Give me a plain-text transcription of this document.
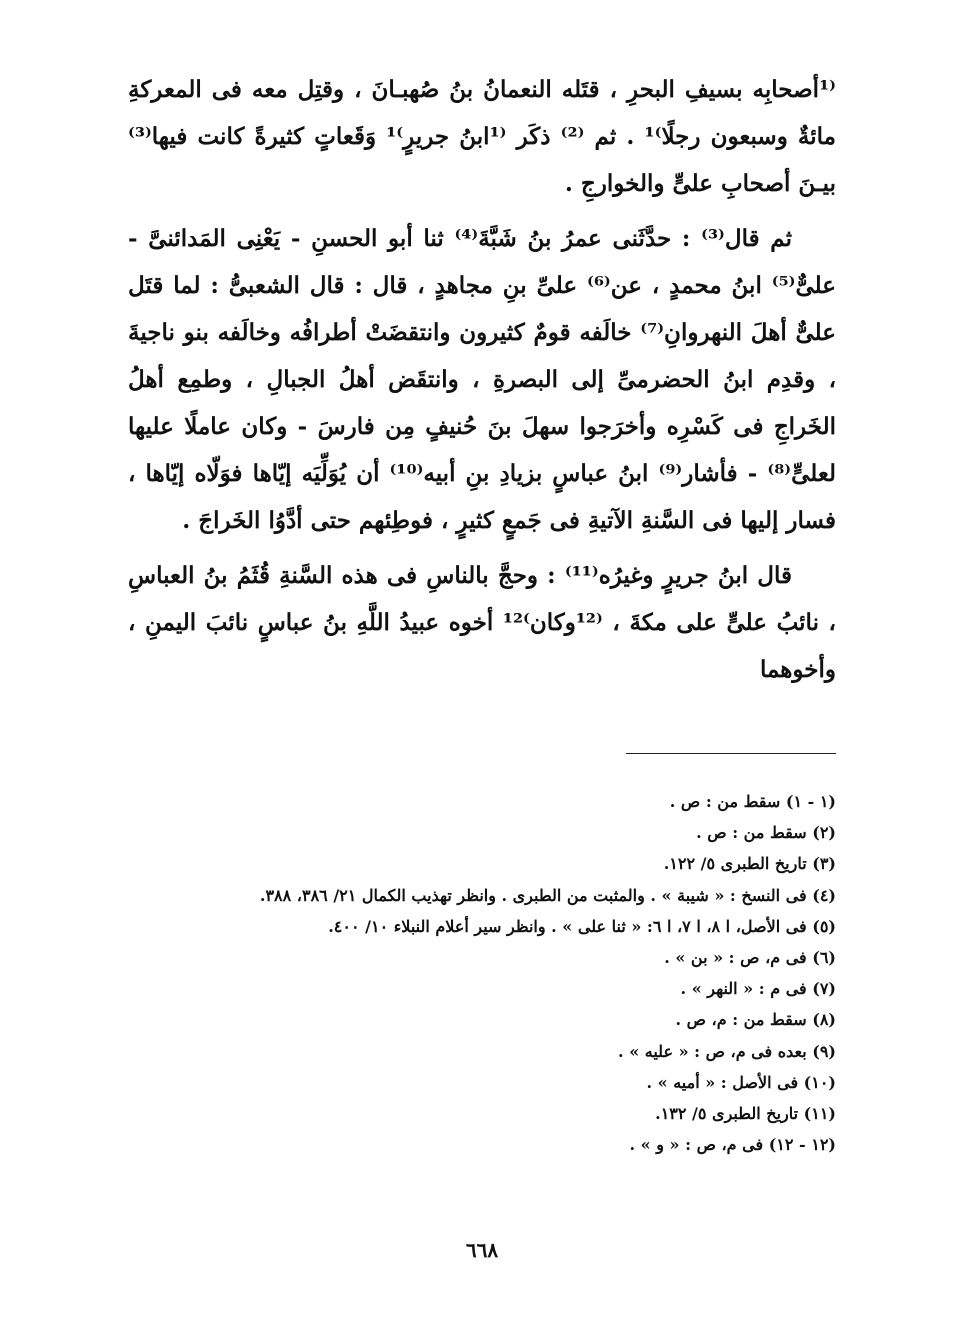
⁽¹أصحابِه بسيفِ البحرِ ، قتَله النعمانُ بنُ صُهبـانَ ، وقتِل معه فى المعركةِ مائةٌ وسبعون رجلًا⁾¹ . ثم ⁽²⁾ ذكَر ⁽¹ابنُ جريرٍ⁾¹ وَقَعاتٍ كثيرةً كانت فيها⁽³⁾ بيـنَ أصحابِ علىٍّ والخوارجِ .

ثم قال⁽³⁾ : حدَّثَنى عمرُ بنُ شَبَّةَ⁽⁴⁾ ثنا أبو الحسنِ - يَعْنِى المَدائنىَّ - علىٌّ⁽⁵⁾ ابنُ محمدٍ ، عن⁽⁶⁾ علىِّ بنِ مجاهدٍ ، قال : قال الشعبىُّ : لما قتَل علىٌّ أهلَ النهروانِ⁽⁷⁾ خالَفه قومٌ كثيرون وانتقضَتْ أطرافُه وخالَفه بنو ناجيةَ ، وقدِم ابنُ الحضرمىِّ إلى البصرةِ ، وانتقَض أهلُ الجبالِ ، وطمِع أهلُ الخَراجِ فى كَسْرِه وأخرَجوا سهلَ بنَ حُنيفٍ مِن فارسَ - وكان عاملًا عليها لعلىٍّ⁽⁸⁾ - فأشار⁽⁹⁾ ابنُ عباسٍ بزيادِ بنِ أبيه⁽¹⁰⁾ أن يُوَلِّيَه إيّاها فوَلّاه إيّاها ، فسار إليها فى السَّنةِ الآتيةِ فى جَمعٍ كثيرٍ ، فوطِئهم حتى أدَّوُا الخَراجَ .

قال ابنُ جريرٍ وغيرُه⁽¹¹⁾ : وحجَّ بالناسِ فى هذه السَّنةِ قُثَمُ بنُ العباسِ ، نائبُ علىٍّ على مكةَ ، ⁽¹²وكان⁾¹² أخوه عبيدُ اللَّهِ بنُ عباسٍ نائبَ اليمنِ ، وأخوهما

(١ - ١) سقط من : ص .
(٢) سقط من : ص .
(٣) تاريخ الطبرى ٥/ ١٢٢.
(٤) فى النسخ : « شيبة » . والمثبت من الطبرى . وانظر تهذيب الكمال ٢١/ ٣٨٦، ٣٨٨.
(٥) فى الأصل، ا ٨، ا ٧، ا ٦: « ثنا على » . وانظر سير أعلام النبلاء ١٠/ ٤٠٠.
(٦) فى م، ص : « بن » .
(٧) فى م : « النهر » .
(٨) سقط من : م، ص .
(٩) بعده فى م، ص : « عليه » .
(١٠) فى الأصل : « أميه » .
(١١) تاريخ الطبرى ٥/ ١٣٢.
(١٢ - ١٢) فى م، ص : « و » .
٦٦٨
